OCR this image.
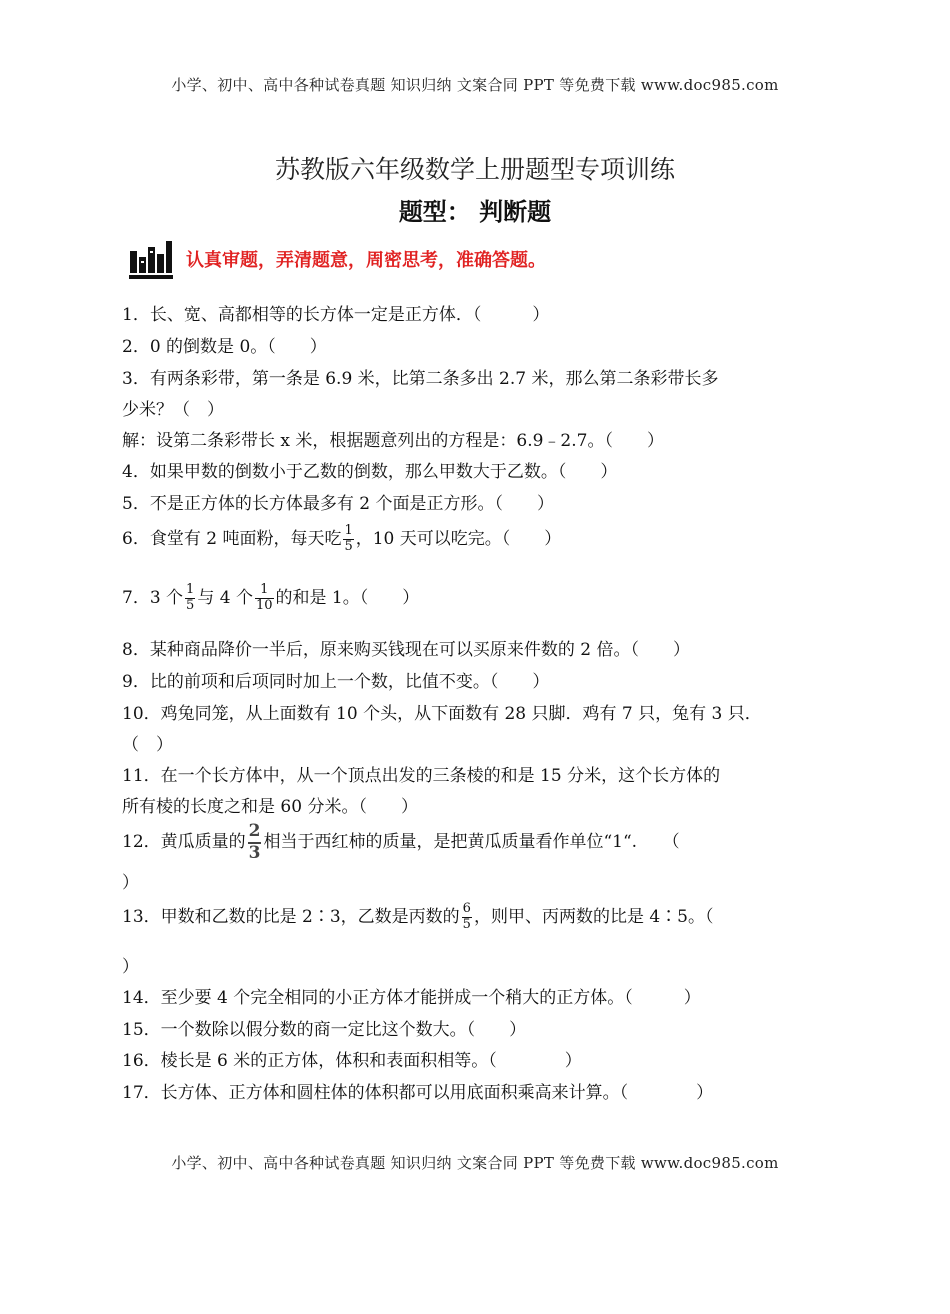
小学、初中、高中各种试卷真题 知识归纳 文案合同 PPT 等免费下载 www.doc985.com
苏教版六年级数学上册题型专项训练
题型： 判断题
认真审题，弄清题意，周密思考，准确答题。
1．长、宽、高都相等的长方体一定是正方体．（　　　）
2．0 的倒数是 0。（　　）
3．有两条彩带，第一条是 6.9 米，比第二条多出 2.7 米，那么第二条彩带长多
少米？（　）
解：设第二条彩带长 x 米，根据题意列出的方程是：6.9﹣2.7。（　　）
4．如果甲数的倒数小于乙数的倒数，那么甲数大于乙数。（　　）
5．不是正方体的长方体最多有 2 个面是正方形。（　　）
6．食堂有 2 吨面粉，每天吃 $\frac{1}{5}$ ，10 天可以吃完。（　　）
7．3 个 $\frac{1}{5}$ 与 4 个 $\frac{1}{10}$ 的和是 1。（　　）
8．某种商品降价一半后，原来购买钱现在可以买原来件数的 2 倍。（　　）
9．比的前项和后项同时加上一个数，比值不变。（　　）
10．鸡兔同笼，从上面数有 10 个头，从下面数有 28 只脚．鸡有 7 只，兔有 3 只．
（　）
11．在一个长方体中，从一个顶点出发的三条棱的和是 15 分米，这个长方体的
所有棱的长度之和是 60 分米。（　　）
12．黄瓜质量的 $\frac{2}{3}$ 相当于西红柿的质量，是把黄瓜质量看作单位“1“.　　（
）
13．甲数和乙数的比是 2∶3，乙数是丙数的 $\frac{6}{5}$ ，则甲、丙两数的比是 4∶5。（
）
14．至少要 4 个完全相同的小正方体才能拼成一个稍大的正方体。（　　　）
15．一个数除以假分数的商一定比这个数大。（　　）
16．棱长是 6 米的正方体，体积和表面积相等。（　　　　）
17．长方体、正方体和圆柱体的体积都可以用底面积乘高来计算。（　　　　）
小学、初中、高中各种试卷真题 知识归纳 文案合同 PPT 等免费下载 www.doc985.com
